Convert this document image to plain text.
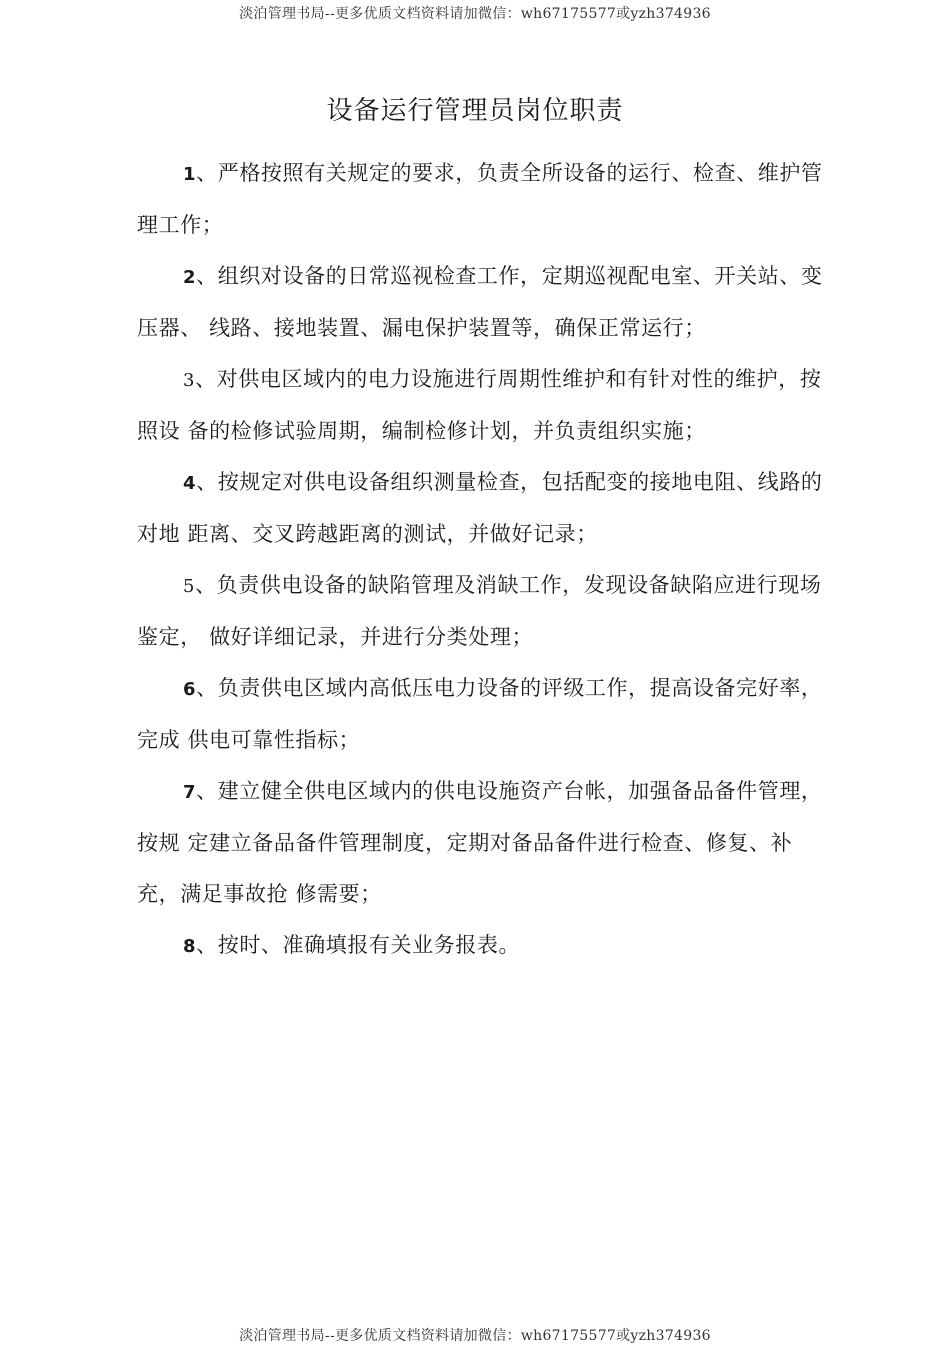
淡泊管理书局--更多优质文档资料请加微信：wh67175577或yzh374936
设备运行管理员岗位职责

1、严格按照有关规定的要求，负责全所设备的运行、检查、维护管理工作；

2、组织对设备的日常巡视检查工作，定期巡视配电室、开关站、变压器、 线路、接地装置、漏电保护装置等，确保正常运行；

3、对供电区域内的电力设施进行周期性维护和有针对性的维护，按照设 备的检修试验周期，编制检修计划，并负责组织实施；

4、按规定对供电设备组织测量检查，包括配变的接地电阻、线路的对地 距离、交叉跨越距离的测试，并做好记录；

5、负责供电设备的缺陷管理及消缺工作，发现设备缺陷应进行现场鉴定， 做好详细记录，并进行分类处理；

6、负责供电区域内高低压电力设备的评级工作，提高设备完好率，完成 供电可靠性指标；

7、建立健全供电区域内的供电设施资产台帐，加强备品备件管理，按规 定建立备品备件管理制度，定期对备品备件进行检查、修复、补充，满足事故抢 修需要；

8、按时、准确填报有关业务报表。

淡泊管理书局--更多优质文档资料请加微信：wh67175577或yzh374936
